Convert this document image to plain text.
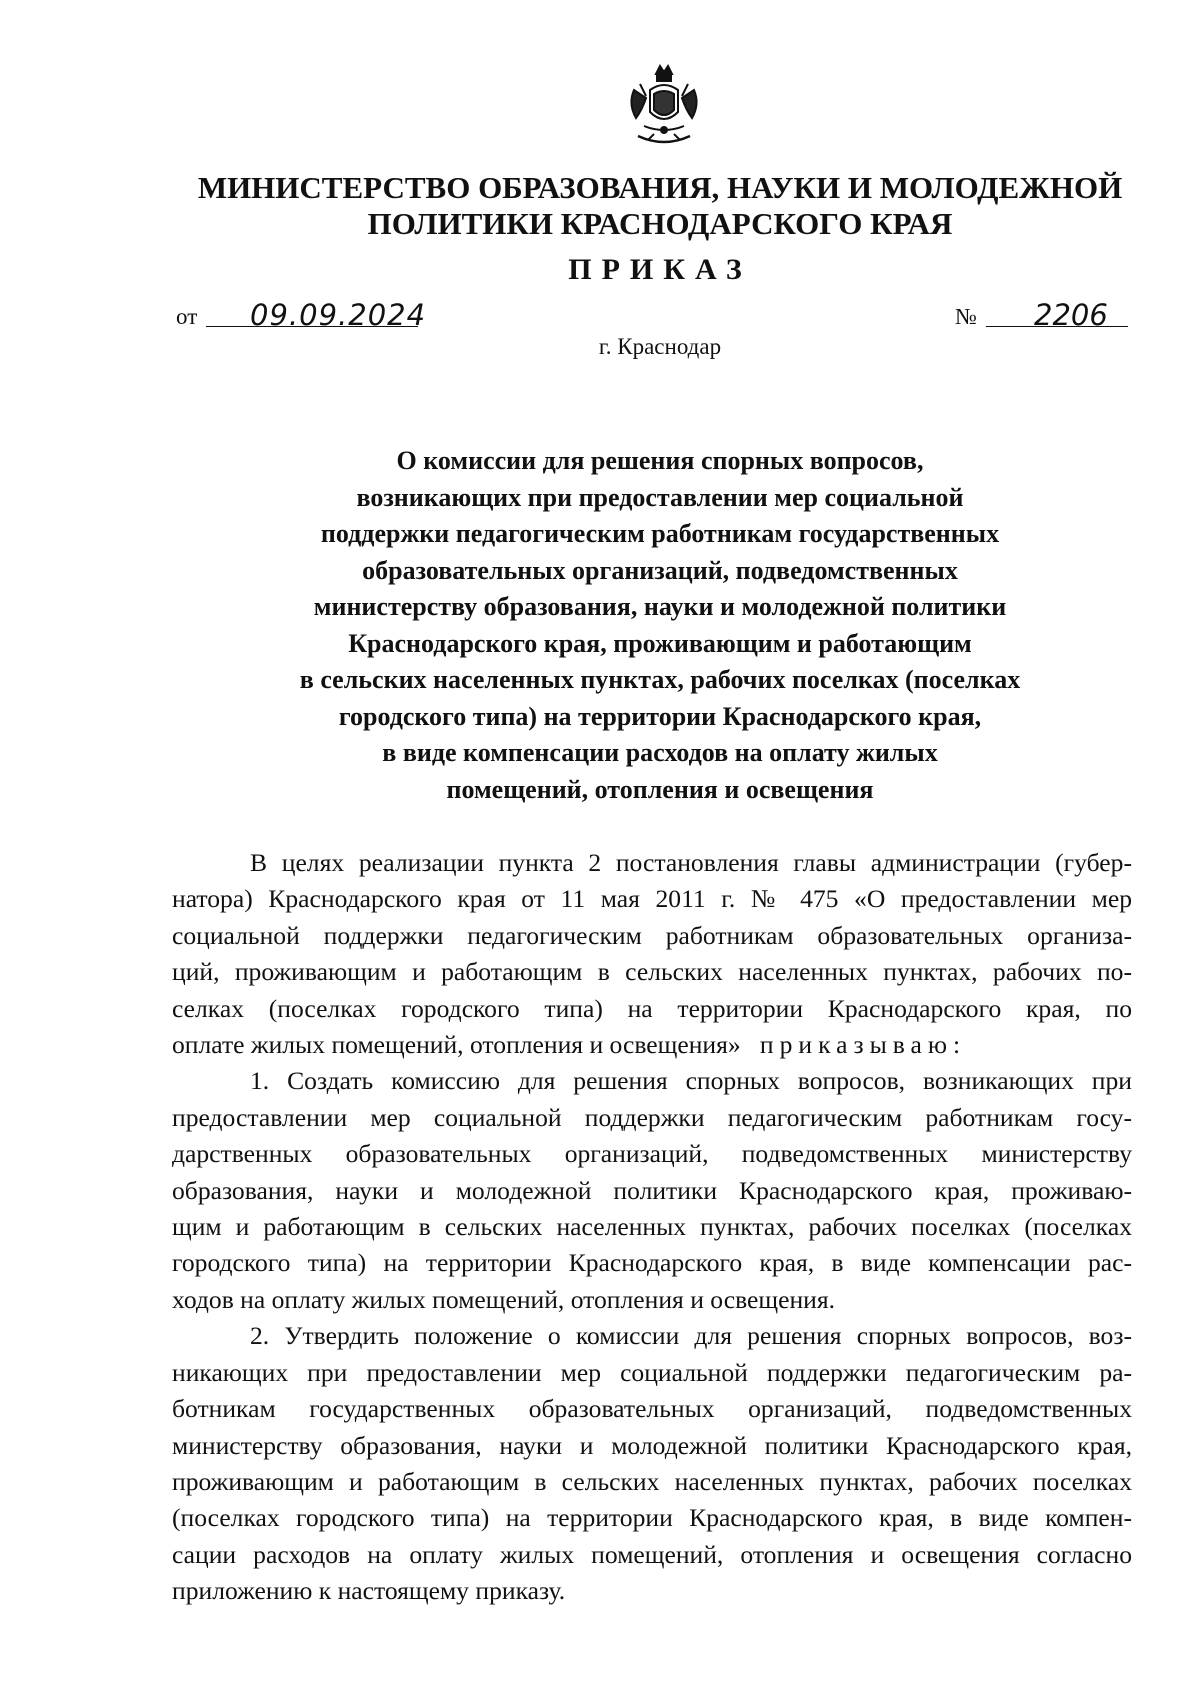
МИНИСТЕРСТВО ОБРАЗОВАНИЯ, НАУКИ И МОЛОДЕЖНОЙ
ПОЛИТИКИ КРАСНОДАРСКОГО КРАЯ
ПРИКАЗ
от 09.09.2024	№ 2206
г. Краснодар
О комиссии для решения спорных вопросов,
возникающих при предоставлении мер социальной
поддержки педагогическим работникам государственных
образовательных организаций, подведомственных
министерству образования, науки и молодежной политики
Краснодарского края, проживающим и работающим
в сельских населенных пунктах, рабочих поселках (поселках
городского типа) на территории Краснодарского края,
в виде компенсации расходов на оплату жилых
помещений, отопления и освещения
В целях реализации пункта 2 постановления главы администрации (губер-
натора) Краснодарского края от 11 мая 2011 г. № 475 «О предоставлении мер
социальной поддержки педагогическим работникам образовательных организа-
ций, проживающим и работающим в сельских населенных пунктах, рабочих по-
селках (поселках городского типа) на территории Краснодарского края, по
оплате жилых помещений, отопления и освещения» приказываю:
1. Создать комиссию для решения спорных вопросов, возникающих при
предоставлении мер социальной поддержки педагогическим работникам госу-
дарственных образовательных организаций, подведомственных министерству
образования, науки и молодежной политики Краснодарского края, проживаю-
щим и работающим в сельских населенных пунктах, рабочих поселках (поселках
городского типа) на территории Краснодарского края, в виде компенсации рас-
ходов на оплату жилых помещений, отопления и освещения.
2. Утвердить положение о комиссии для решения спорных вопросов, воз-
никающих при предоставлении мер социальной поддержки педагогическим ра-
ботникам государственных образовательных организаций, подведомственных
министерству образования, науки и молодежной политики Краснодарского края,
проживающим и работающим в сельских населенных пунктах, рабочих поселках
(поселках городского типа) на территории Краснодарского края, в виде компен-
сации расходов на оплату жилых помещений, отопления и освещения согласно
приложению к настоящему приказу.
